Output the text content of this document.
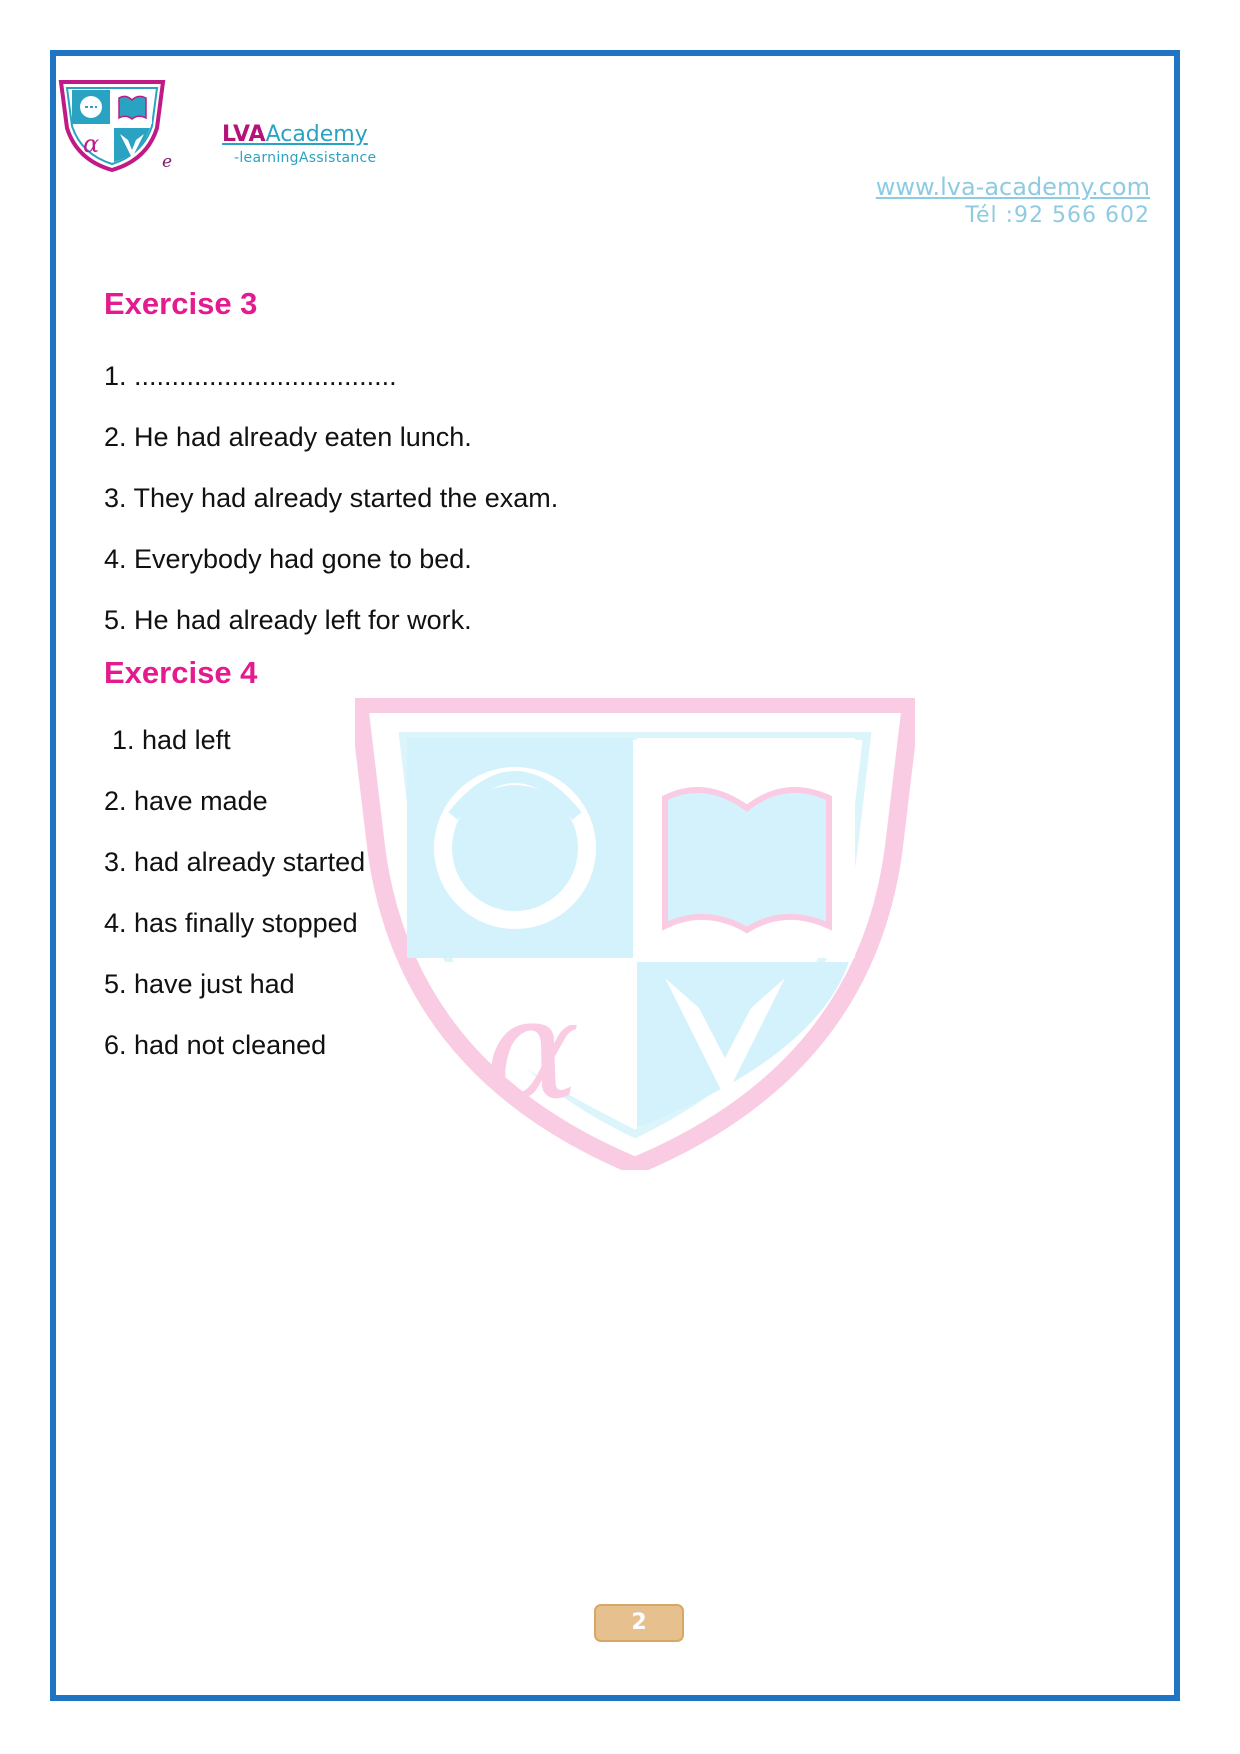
α	LVAAcademy
-learningAssistance
e
www.lva-academy.com
Tél :92 566 602
α
Exercise 3
1. ...................................
2. He had already eaten lunch.
3. They had already started the exam.
4. Everybody had gone to bed.
5. He had already left for work.
Exercise 4
1. had left
2. have made
3. had already started
4. has finally stopped
5. have just had
6. had not cleaned
2
